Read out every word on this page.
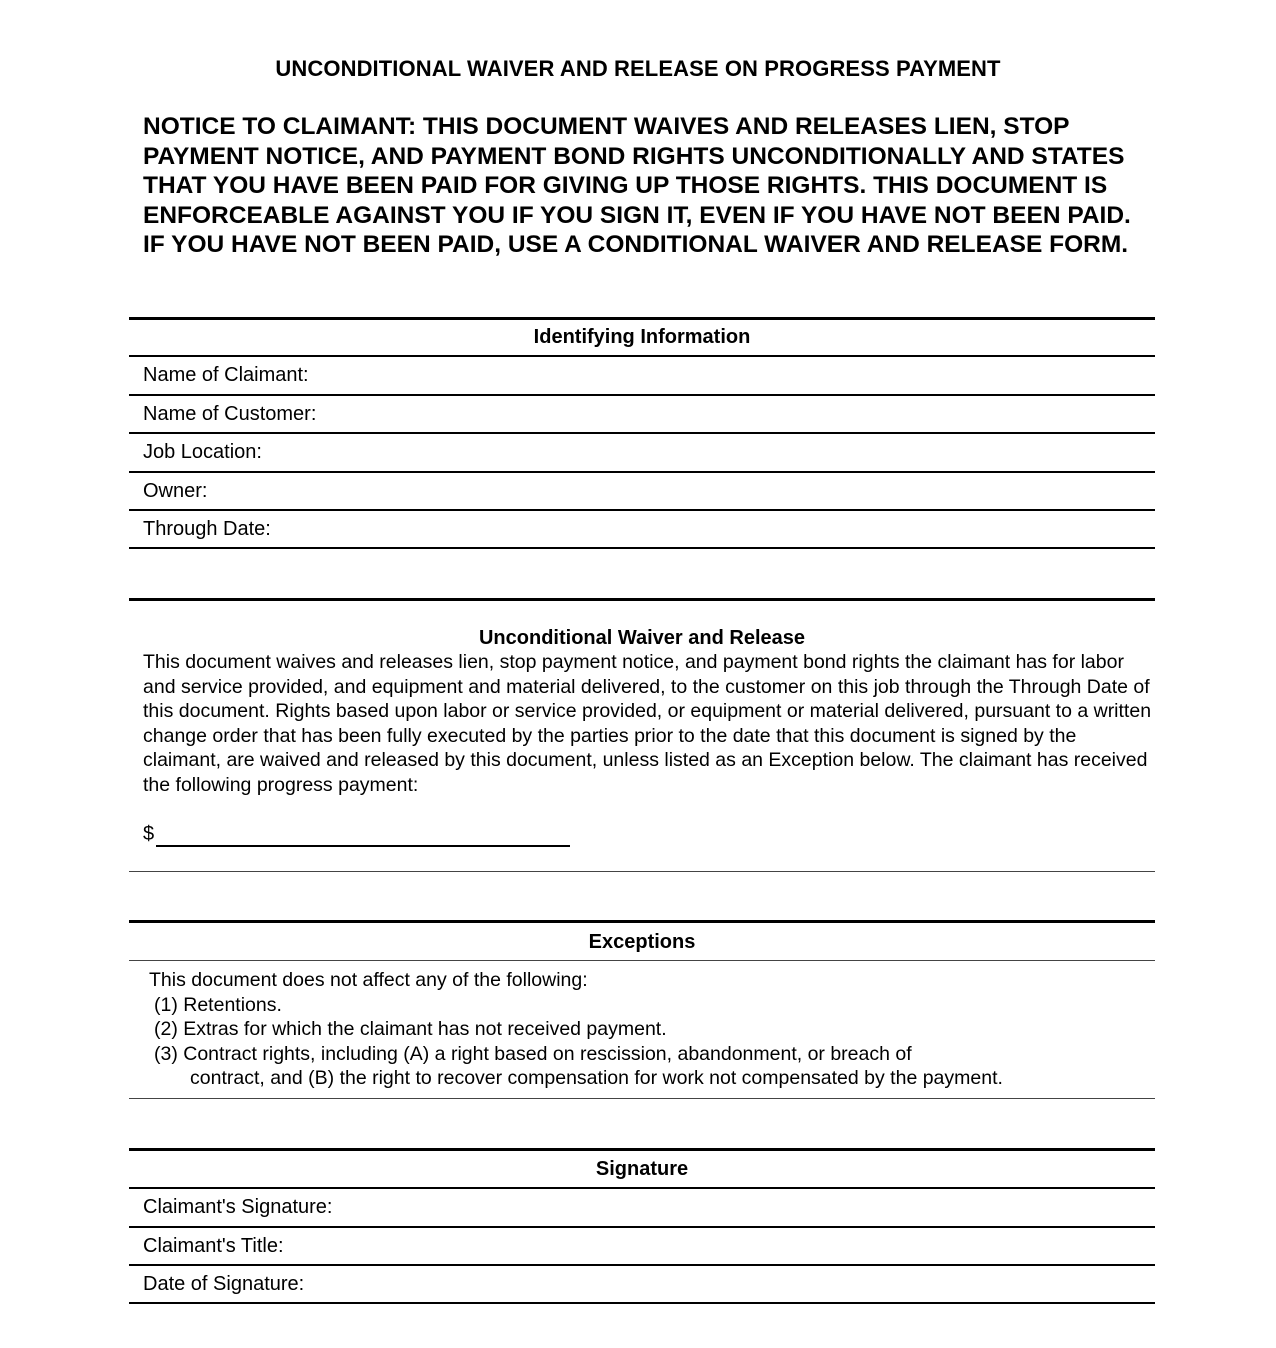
UNCONDITIONAL WAIVER AND RELEASE ON PROGRESS PAYMENT
NOTICE TO CLAIMANT: THIS DOCUMENT WAIVES AND RELEASES LIEN, STOP PAYMENT NOTICE, AND PAYMENT BOND RIGHTS UNCONDITIONALLY AND STATES THAT YOU HAVE BEEN PAID FOR GIVING UP THOSE RIGHTS. THIS DOCUMENT IS ENFORCEABLE AGAINST YOU IF YOU SIGN IT, EVEN IF YOU HAVE NOT BEEN PAID. IF YOU HAVE NOT BEEN PAID, USE A CONDITIONAL WAIVER AND RELEASE FORM.
Identifying Information
Name of Claimant:
Name of Customer:
Job Location:
Owner:
Through Date:
Unconditional Waiver and Release

This document waives and releases lien, stop payment notice, and payment bond rights the claimant has for labor and service provided, and equipment and material delivered, to the customer on this job through the Through Date of this document. Rights based upon labor or service provided, or equipment or material delivered, pursuant to a written change order that has been fully executed by the parties prior to the date that this document is signed by the claimant, are waived and released by this document, unless listed as an Exception below. The claimant has received the following progress payment:

$
Exceptions
This document does not affect any of the following:
(1) Retentions.
(2) Extras for which the claimant has not received payment.
(3) Contract rights, including (A) a right based on rescission, abandonment, or breach of
contract, and (B) the right to recover compensation for work not compensated by the payment.
Signature
Claimant's Signature:
Claimant's Title:
Date of Signature:
